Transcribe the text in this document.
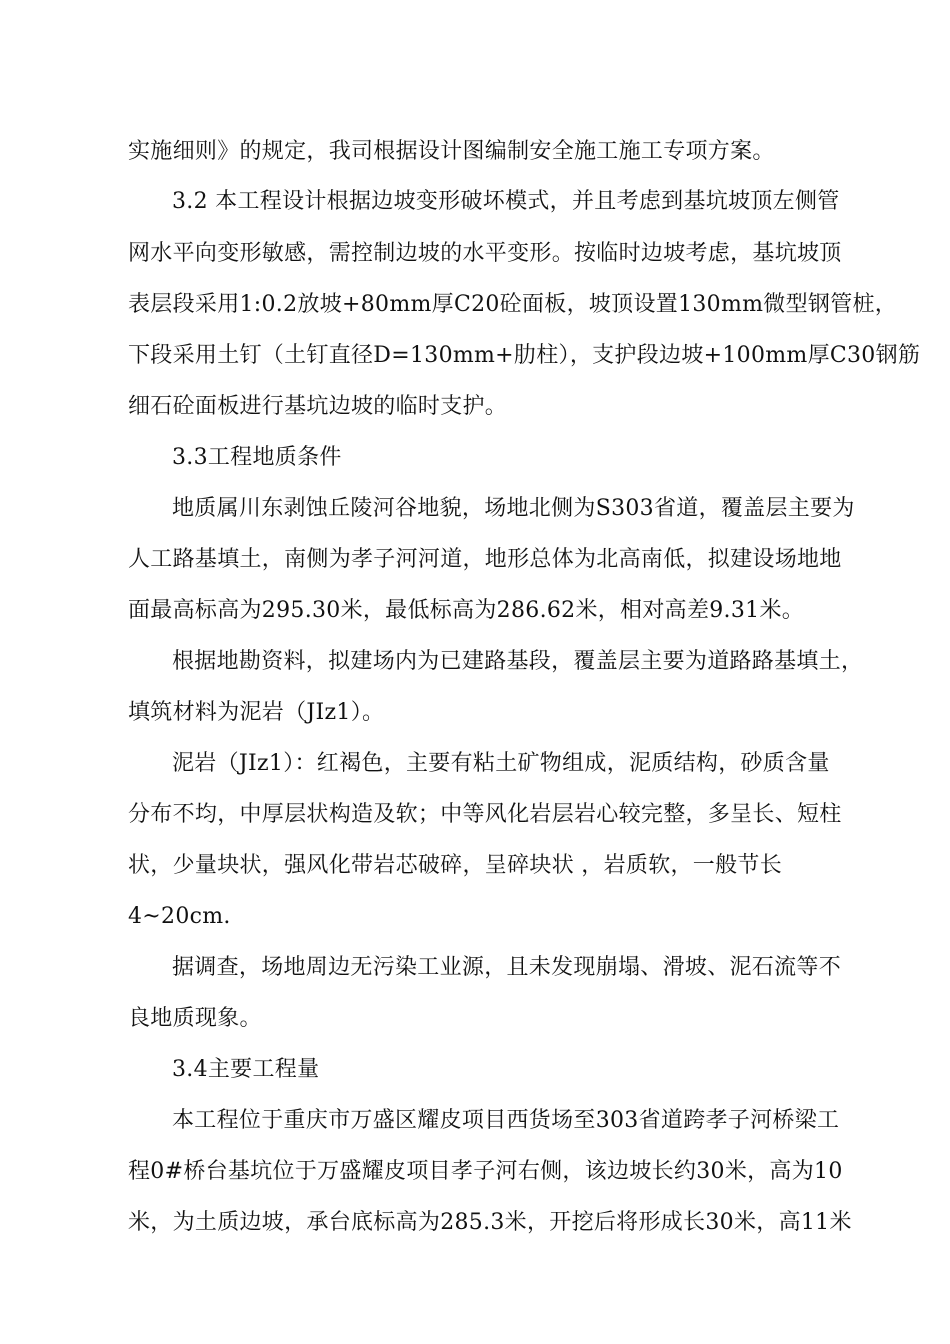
实施细则》的规定，我司根据设计图编制安全施工施工专项方案。
3.2 本工程设计根据边坡变形破坏模式，并且考虑到基坑坡顶左侧管
网水平向变形敏感，需控制边坡的水平变形。按临时边坡考虑，基坑坡顶
表层段采用1:0.2放坡+80mm厚C20砼面板，坡顶设置130mm微型钢管桩，
下段采用土钉（土钉直径D=130mm+肋柱），支护段边坡+100mm厚C30钢筋
细石砼面板进行基坑边坡的临时支护。
3.3工程地质条件
地质属川东剥蚀丘陵河谷地貌，场地北侧为S303省道，覆盖层主要为
人工路基填土，南侧为孝子河河道，地形总体为北高南低，拟建设场地地
面最高标高为295.30米，最低标高为286.62米，相对高差9.31米。
根据地勘资料，拟建场内为已建路基段，覆盖层主要为道路路基填土，
填筑材料为泥岩（JIz1）。
泥岩（JIz1）：红褐色，主要有粘土矿物组成，泥质结构，砂质含量
分布不均，中厚层状构造及软；中等风化岩层岩心较完整，多呈长、短柱
状，少量块状，强风化带岩芯破碎，呈碎块状 ，岩质软，一般节长
4~20cm.
据调查，场地周边无污染工业源，且未发现崩塌、滑坡、泥石流等不
良地质现象。
3.4主要工程量
本工程位于重庆市万盛区耀皮项目西货场至303省道跨孝子河桥梁工
程0#桥台基坑位于万盛耀皮项目孝子河右侧，该边坡长约30米，高为10
米，为土质边坡，承台底标高为285.3米，开挖后将形成长30米，高11米
